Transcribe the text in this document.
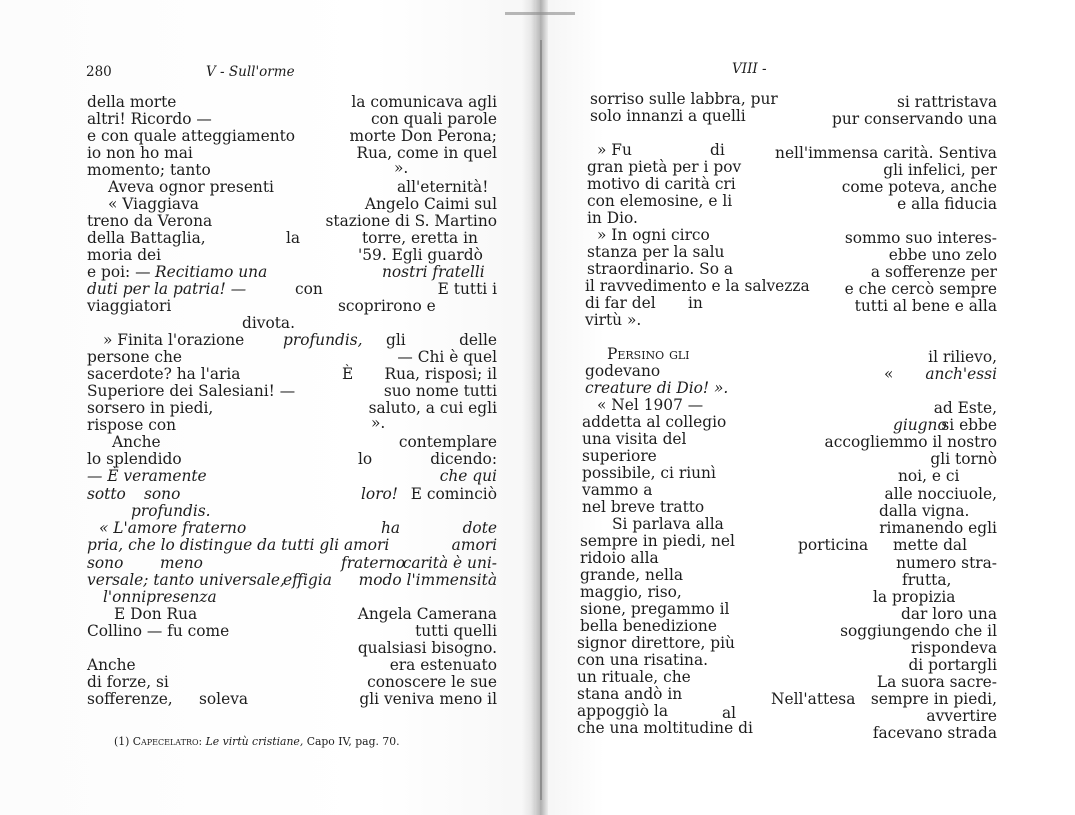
280	V - Sull'orme
della morte
altri! Ricordo —
e con quale atteggiamento
io non ho mai
momento; tanto
Aveva ognor presenti
« Viaggiava
treno da Verona
della Battaglia,
moria dei
e poi: — Recitiamo una
duti per la patria! —
viaggiatori
» Finita l'orazione
persone che
sacerdote? ha l'aria
Superiore dei Salesiani! —
sorsero in piedi,
rispose con
Anche
lo splendido
— È veramente
sotto sono
profundis.
« L'amore fraterno
pria, che lo distingue da tutti gli amori
sono meno
versale; tanto universale,
l'onnipresenza
E Don Rua
Collino — fu come
Anche
di forze, si
sofferenze, soleva
la
con
divota.
profundis,
È
lo
loro!
ha
fraterno
effigia
la comunicava agli
con quali parole
morte Don Perona;
Rua, come in quel
».
all'eternità!
Angelo Caimi sul
stazione di S. Martino
torre, eretta in
'59. Egli guardò
nostri fratelli
E tutti i
scoprirono e
gli	delle
— Chi è quel
Rua, risposi; il
suo nome tutti
saluto, a cui egli
».
contemplare
dicendo:
che qui
E cominciò
dote
amori
carità è uni-
modo l'immensità
Angela Camerana
tutti quelli
qualsiasi bisogno.
era estenuato
conoscere le sue
gli veniva meno il
(1) Capecelatro: Le virtù cristiane, Capo IV, pag. 70.
VIII -
sorriso sulle labbra, pur
solo innanzi a quelli
» Fu	di
gran pietà per i pov
motivo di carità cri
con elemosine, e li
in Dio.
» In ogni circo
stanza per la salu
straordinario. So a
il ravvedimento e la salvezza
di far del in
virtù ».
Persino gli
godevano
creature di Dio! ».
« Nel 1907 —
addetta al collegio
una visita del
superiore
possibile, ci riunì
vammo a
nel breve tratto
Si parlava alla
sempre in piedi, nel
ridoio alla
grande, nella
maggio, riso,
sione, pregammo il
bella benedizione
signor direttore, più
con una risatina.
un rituale, che
stana andò in
appoggiò la	al
che una moltitudine di
si rattristava
pur conservando una
nell'immensa carità. Sentiva
gli infelici, per
come poteva, anche
e alla fiducia
sommo suo interes-
ebbe uno zelo
a sofferenze per
e che cercò sempre
tutti al bene e alla
il rilievo,
« anch'essi
ad Este,
giugno
si ebbe
accogliemmo il nostro
gli tornò
noi, e ci
alle nocciuole,
dalla vigna.
rimanendo egli
porticina mette dal
numero stra-
frutta,
la propizia
dar loro una
soggiungendo che il
rispondeva
di portargli
La suora sacre-
Nell'attesa sempre in piedi,
avvertire
facevano strada
